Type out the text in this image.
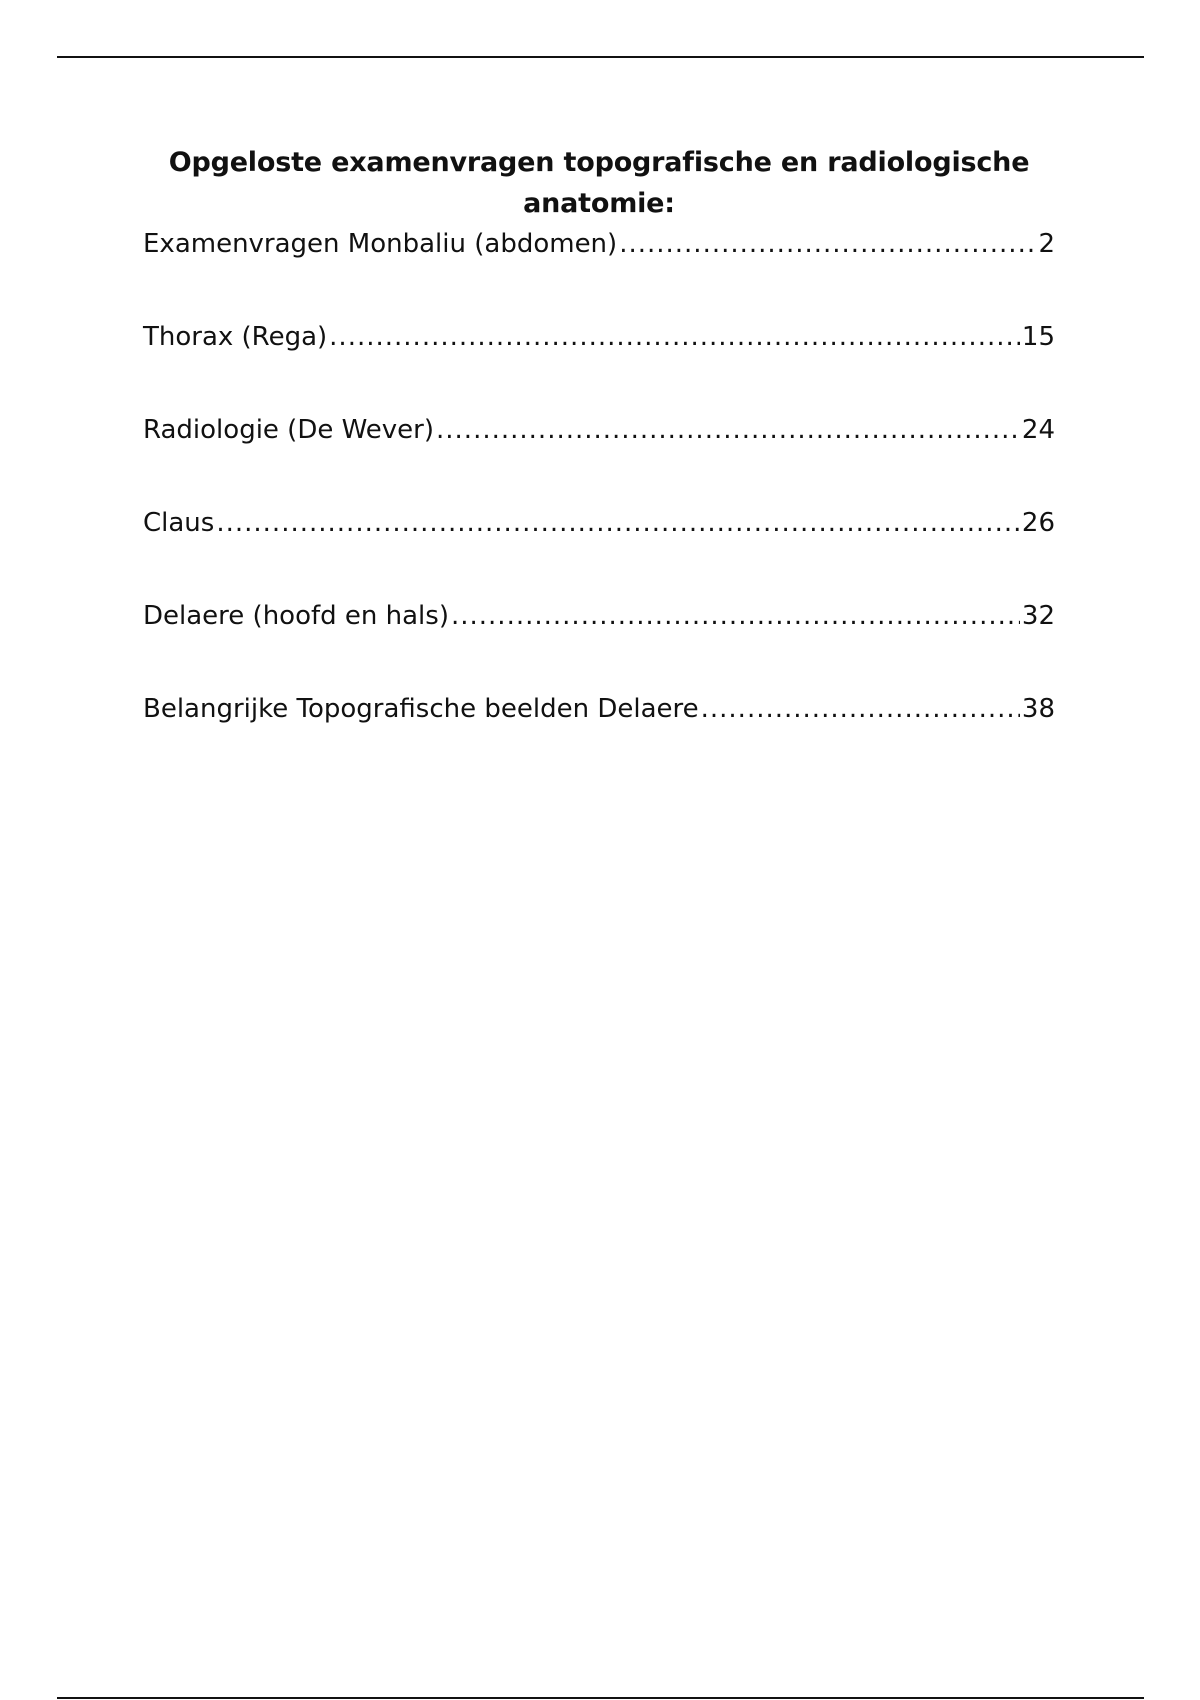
Opgeloste examenvragen topografische en radiologische anatomie:
Examenvragen Monbaliu (abdomen) .....	2
Thorax (Rega) .....	15
Radiologie (De Wever) .....	24
Claus .....	26
Delaere (hoofd en hals) .....	32
Belangrijke Topografische beelden Delaere .....	38
